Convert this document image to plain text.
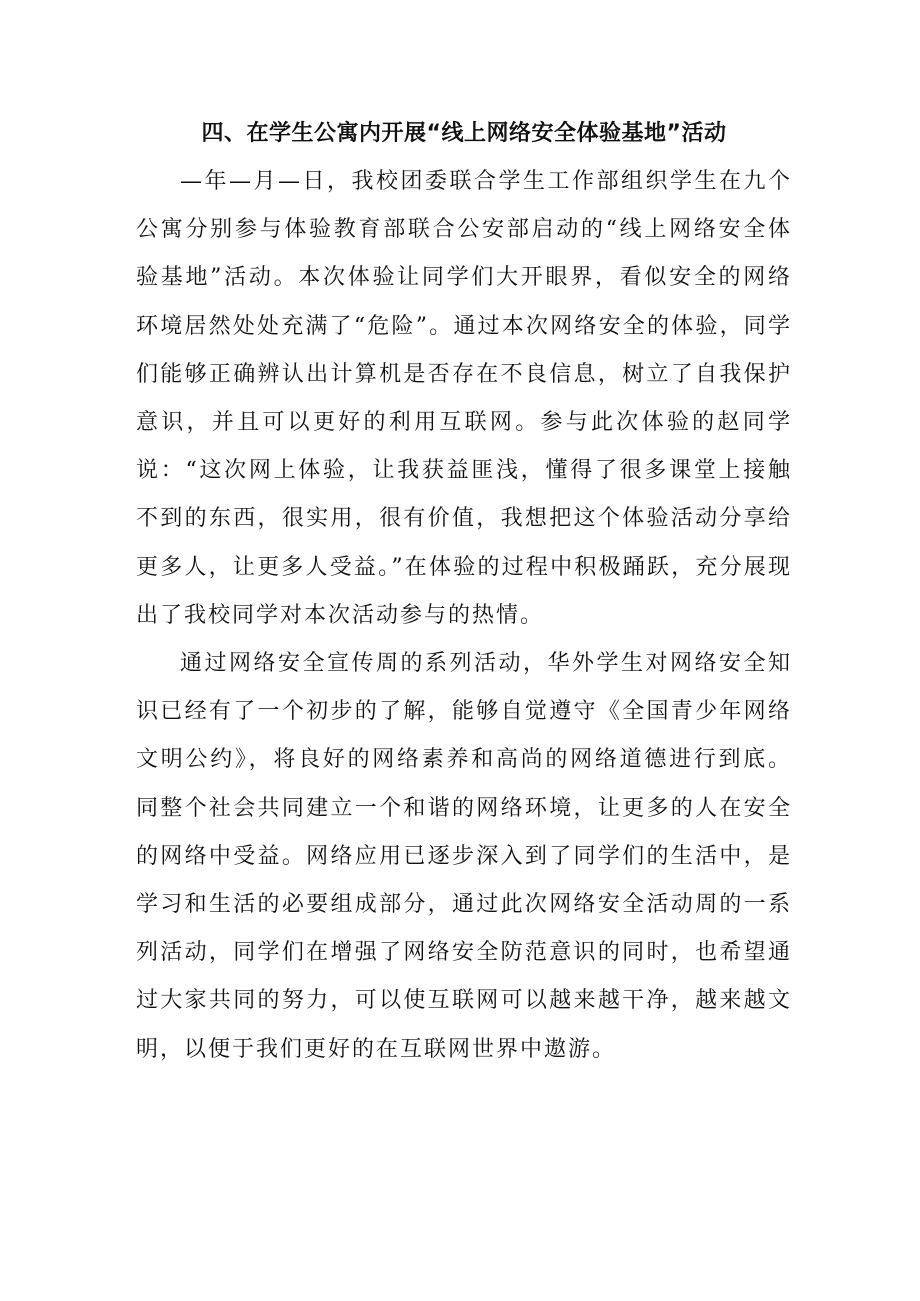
四、在学生公寓内开展“线上网络安全体验基地”活动

—年—月—日，我校团委联合学生工作部组织学生在九个公寓分别参与体验教育部联合公安部启动的“线上网络安全体验基地”活动。本次体验让同学们大开眼界，看似安全的网络环境居然处处充满了“危险”。通过本次网络安全的体验，同学们能够正确辨认出计算机是否存在不良信息，树立了自我保护意识，并且可以更好的利用互联网。参与此次体验的赵同学说：“这次网上体验，让我获益匪浅，懂得了很多课堂上接触不到的东西，很实用，很有价值，我想把这个体验活动分享给更多人，让更多人受益。”在体验的过程中积极踊跃，充分展现出了我校同学对本次活动参与的热情。

通过网络安全宣传周的系列活动，华外学生对网络安全知识已经有了一个初步的了解，能够自觉遵守《全国青少年网络文明公约》，将良好的网络素养和高尚的网络道德进行到底。同整个社会共同建立一个和谐的网络环境，让更多的人在安全的网络中受益。网络应用已逐步深入到了同学们的生活中，是学习和生活的必要组成部分，通过此次网络安全活动周的一系列活动，同学们在增强了网络安全防范意识的同时，也希望通过大家共同的努力，可以使互联网可以越来越干净，越来越文明，以便于我们更好的在互联网世界中遨游。
